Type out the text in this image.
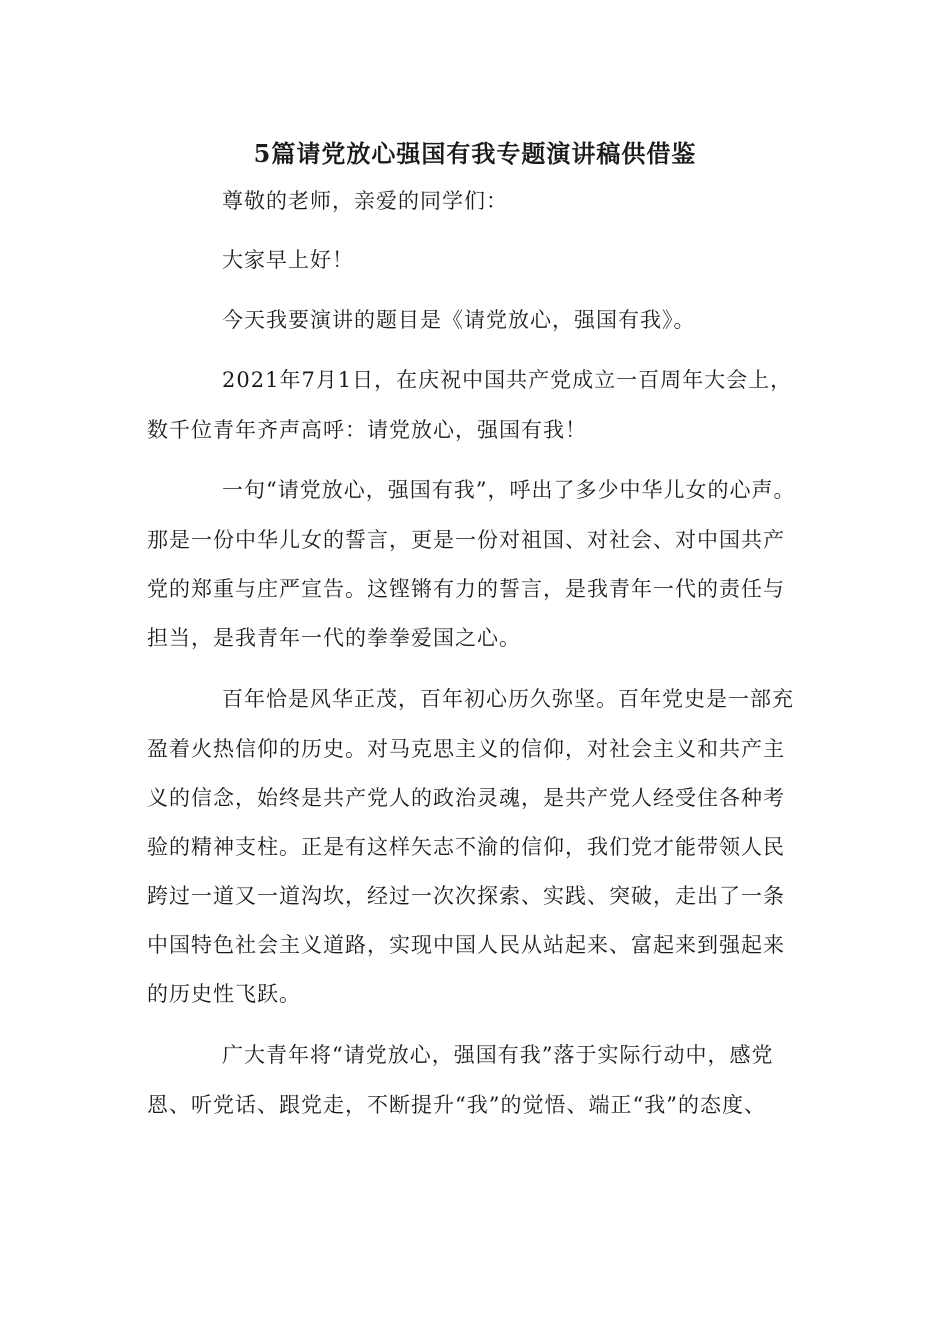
5篇请党放心强国有我专题演讲稿供借鉴
尊敬的老师，亲爱的同学们：
大家早上好！
今天我要演讲的题目是《请党放心，强国有我》。
2021年7月1日，在庆祝中国共产党成立一百周年大会上，
数千位青年齐声高呼：请党放心，强国有我！
一句“请党放心，强国有我”，呼出了多少中华儿女的心声。
那是一份中华儿女的誓言，更是一份对祖国、对社会、对中国共产
党的郑重与庄严宣告。这铿锵有力的誓言，是我青年一代的责任与
担当，是我青年一代的拳拳爱国之心。
百年恰是风华正茂，百年初心历久弥坚。百年党史是一部充
盈着火热信仰的历史。对马克思主义的信仰，对社会主义和共产主
义的信念，始终是共产党人的政治灵魂，是共产党人经受住各种考
验的精神支柱。正是有这样矢志不渝的信仰，我们党才能带领人民
跨过一道又一道沟坎，经过一次次探索、实践、突破，走出了一条
中国特色社会主义道路，实现中国人民从站起来、富起来到强起来
的历史性飞跃。
广大青年将“请党放心，强国有我”落于实际行动中，感党
恩、听党话、跟党走，不断提升“我”的觉悟、端正“我”的态度、
